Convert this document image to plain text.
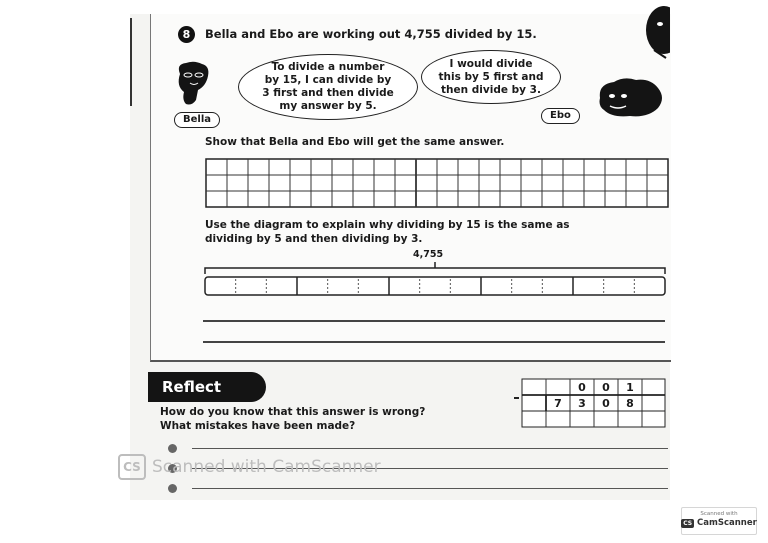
8	Bella and Ebo are working out 4,755 divided by 15.
To divide a number
by 15, I can divide by
3 first and then divide
my answer by 5.
I would divide
this by 5 first and
then divide by 3.
Bella	Ebo
Show that Bella and Ebo will get the same answer.
Use the diagram to explain why dividing by 15 is the same as
dividing by 5 and then dividing by 3.
4,755
Reflect
How do you know that this answer is wrong?
What mistakes have been made?
0 0 1
7 3 0 8
CS Scanned with CamScanner
Scanned with
CS CamScanner
